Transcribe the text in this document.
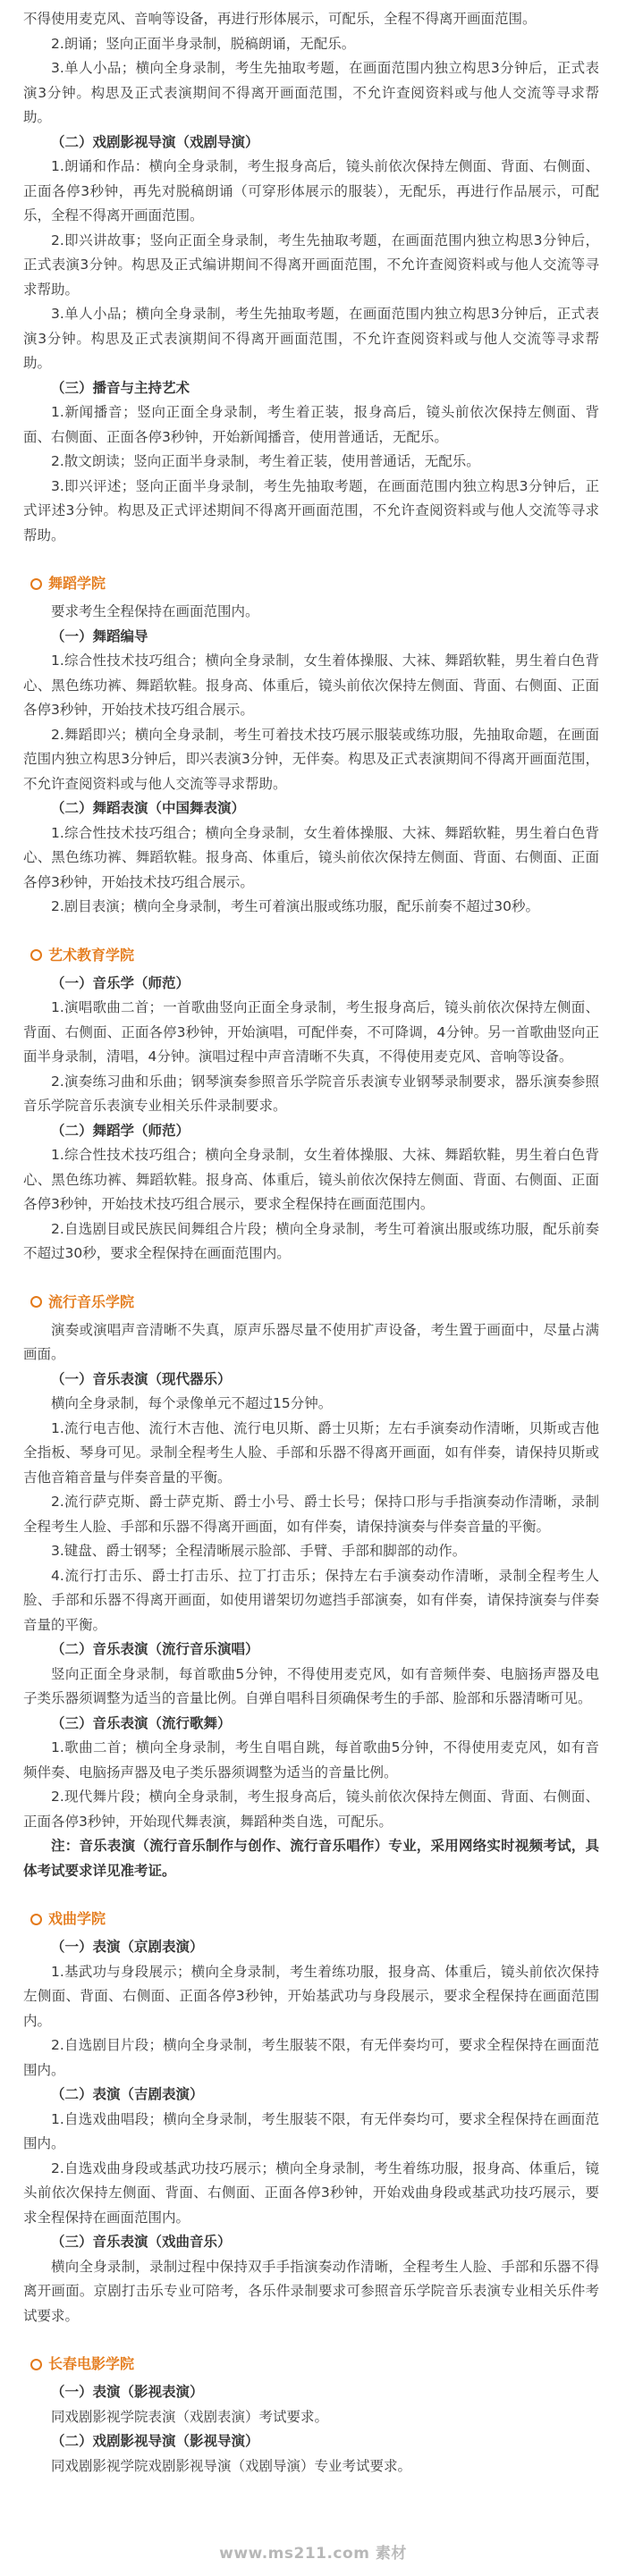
不得使用麦克风、音响等设备，再进行形体展示，可配乐，全程不得离开画面范围。

2.朗诵；竖向正面半身录制，脱稿朗诵，无配乐。

3.单人小品；横向全身录制，考生先抽取考题，在画面范围内独立构思3分钟后，正式表演3分钟。构思及正式表演期间不得离开画面范围，不允许查阅资料或与他人交流等寻求帮助。

（二）戏剧影视导演（戏剧导演）

1.朗诵和作品：横向全身录制，考生报身高后，镜头前依次保持左侧面、背面、右侧面、正面各停3秒钟，再先对脱稿朗诵（可穿形体展示的服装），无配乐，再进行作品展示，可配乐，全程不得离开画面范围。

2.即兴讲故事；竖向正面全身录制，考生先抽取考题，在画面范围内独立构思3分钟后，正式表演3分钟。构思及正式编讲期间不得离开画面范围，不允许查阅资料或与他人交流等寻求帮助。

3.单人小品；横向全身录制，考生先抽取考题，在画面范围内独立构思3分钟后，正式表演3分钟。构思及正式表演期间不得离开画面范围，不允许查阅资料或与他人交流等寻求帮助。

（三）播音与主持艺术

1.新闻播音；竖向正面全身录制，考生着正装，报身高后，镜头前依次保持左侧面、背面、右侧面、正面各停3秒钟，开始新闻播音，使用普通话，无配乐。

2.散文朗读；竖向正面半身录制，考生着正装，使用普通话，无配乐。

3.即兴评述；竖向正面半身录制，考生先抽取考题，在画面范围内独立构思3分钟后，正式评述3分钟。构思及正式评述期间不得离开画面范围，不允许查阅资料或与他人交流等寻求帮助。

舞蹈学院

要求考生全程保持在画面范围内。

（一）舞蹈编导

1.综合性技术技巧组合；横向全身录制，女生着体操服、大袜、舞蹈软鞋，男生着白色背心、黑色练功裤、舞蹈软鞋。报身高、体重后，镜头前依次保持左侧面、背面、右侧面、正面各停3秒钟，开始技术技巧组合展示。

2.舞蹈即兴；横向全身录制，考生可着技术技巧展示服装或练功服，先抽取命题，在画面范围内独立构思3分钟后，即兴表演3分钟，无伴奏。构思及正式表演期间不得离开画面范围，不允许查阅资料或与他人交流等寻求帮助。

（二）舞蹈表演（中国舞表演）

1.综合性技术技巧组合；横向全身录制，女生着体操服、大袜、舞蹈软鞋，男生着白色背心、黑色练功裤、舞蹈软鞋。报身高、体重后，镜头前依次保持左侧面、背面、右侧面、正面各停3秒钟，开始技术技巧组合展示。

2.剧目表演；横向全身录制，考生可着演出服或练功服，配乐前奏不超过30秒。

艺术教育学院

（一）音乐学（师范）

1.演唱歌曲二首；一首歌曲竖向正面全身录制，考生报身高后，镜头前依次保持左侧面、背面、右侧面、正面各停3秒钟，开始演唱，可配伴奏，不可降调，4分钟。另一首歌曲竖向正面半身录制，清唱，4分钟。演唱过程中声音清晰不失真，不得使用麦克风、音响等设备。

2.演奏练习曲和乐曲；钢琴演奏参照音乐学院音乐表演专业钢琴录制要求，器乐演奏参照音乐学院音乐表演专业相关乐件录制要求。

（二）舞蹈学（师范）

1.综合性技术技巧组合；横向全身录制，女生着体操服、大袜、舞蹈软鞋，男生着白色背心、黑色练功裤、舞蹈软鞋。报身高、体重后，镜头前依次保持左侧面、背面、右侧面、正面各停3秒钟，开始技术技巧组合展示，要求全程保持在画面范围内。

2.自选剧目或民族民间舞组合片段；横向全身录制，考生可着演出服或练功服，配乐前奏不超过30秒，要求全程保持在画面范围内。

流行音乐学院

演奏或演唱声音清晰不失真，原声乐器尽量不使用扩声设备，考生置于画面中，尽量占满画面。

（一）音乐表演（现代器乐）

横向全身录制，每个录像单元不超过15分钟。

1.流行电吉他、流行木吉他、流行电贝斯、爵士贝斯；左右手演奏动作清晰，贝斯或吉他全指板、琴身可见。录制全程考生人脸、手部和乐器不得离开画面，如有伴奏，请保持贝斯或吉他音箱音量与伴奏音量的平衡。

2.流行萨克斯、爵士萨克斯、爵士小号、爵士长号；保持口形与手指演奏动作清晰，录制全程考生人脸、手部和乐器不得离开画面，如有伴奏，请保持演奏与伴奏音量的平衡。

3.键盘、爵士钢琴；全程清晰展示脸部、手臂、手部和脚部的动作。

4.流行打击乐、爵士打击乐、拉丁打击乐；保持左右手演奏动作清晰，录制全程考生人脸、手部和乐器不得离开画面，如使用谱架切勿遮挡手部演奏，如有伴奏，请保持演奏与伴奏音量的平衡。

（二）音乐表演（流行音乐演唱）

竖向正面全身录制，每首歌曲5分钟，不得使用麦克风，如有音频伴奏、电脑扬声器及电子类乐器须调整为适当的音量比例。自弹自唱科目须确保考生的手部、脸部和乐器清晰可见。

（三）音乐表演（流行歌舞）

1.歌曲二首；横向全身录制，考生自唱自跳，每首歌曲5分钟，不得使用麦克风，如有音频伴奏、电脑扬声器及电子类乐器须调整为适当的音量比例。

2.现代舞片段；横向全身录制，考生报身高后，镜头前依次保持左侧面、背面、右侧面、正面各停3秒钟，开始现代舞表演，舞蹈种类自选，可配乐。

注：音乐表演（流行音乐制作与创作、流行音乐唱作）专业，采用网络实时视频考试，具体考试要求详见准考证。

戏曲学院

（一）表演（京剧表演）

1.基武功与身段展示；横向全身录制，考生着练功服，报身高、体重后，镜头前依次保持左侧面、背面、右侧面、正面各停3秒钟，开始基武功与身段展示，要求全程保持在画面范围内。

2.自选剧目片段；横向全身录制，考生服装不限，有无伴奏均可，要求全程保持在画面范围内。

（二）表演（吉剧表演）

1.自选戏曲唱段；横向全身录制，考生服装不限，有无伴奏均可，要求全程保持在画面范围内。

2.自选戏曲身段或基武功技巧展示；横向全身录制，考生着练功服，报身高、体重后，镜头前依次保持左侧面、背面、右侧面、正面各停3秒钟，开始戏曲身段或基武功技巧展示，要求全程保持在画面范围内。

（三）音乐表演（戏曲音乐）

横向全身录制，录制过程中保持双手手指演奏动作清晰，全程考生人脸、手部和乐器不得离开画面。京剧打击乐专业可陪考，各乐件录制要求可参照音乐学院音乐表演专业相关乐件考试要求。

长春电影学院

（一）表演（影视表演）

同戏剧影视学院表演（戏剧表演）考试要求。

（二）戏剧影视导演（影视导演）

同戏剧影视学院戏剧影视导演（戏剧导演）专业考试要求。

www.ms211.com 素材
